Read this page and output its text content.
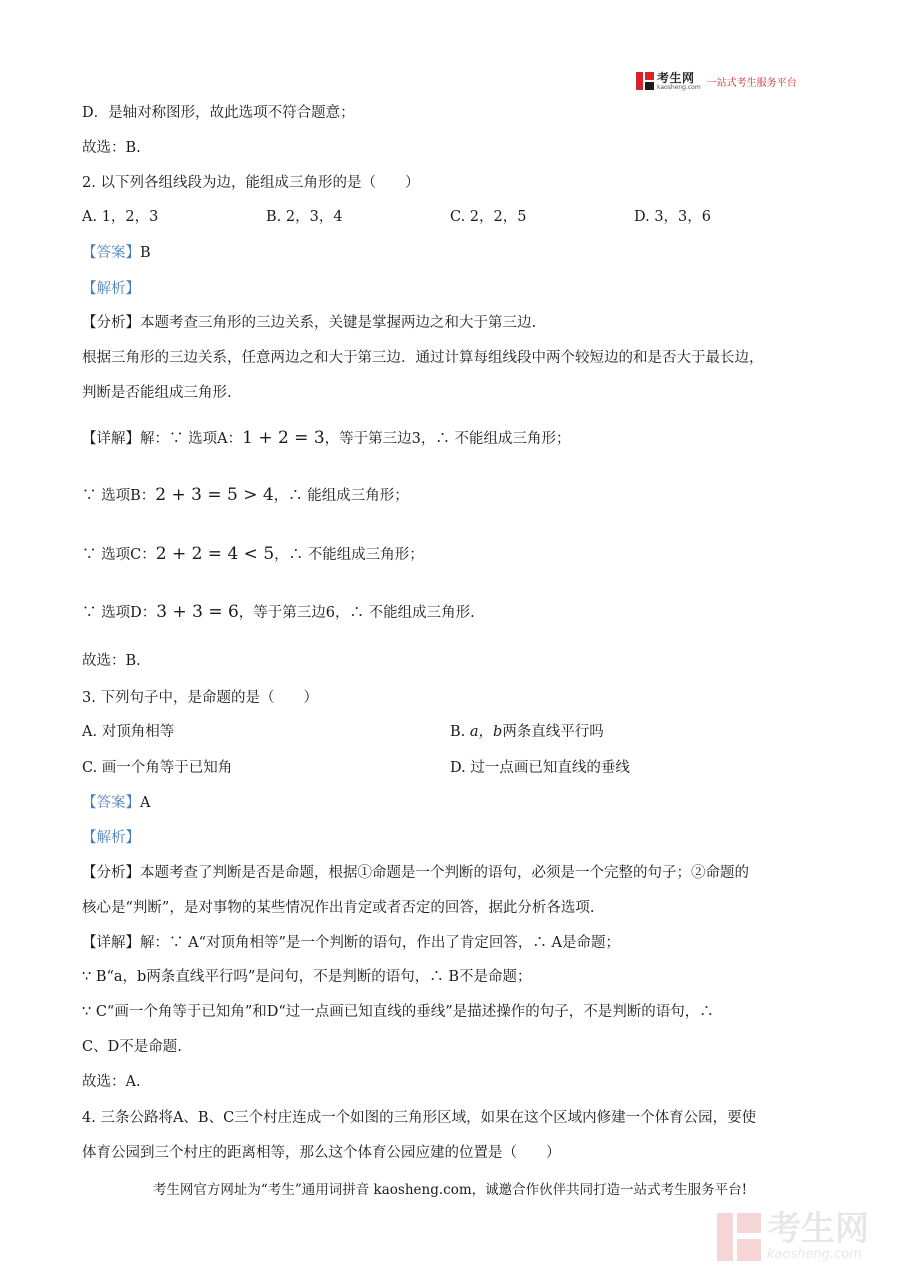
考生网
kaosheng.com 一站式考生服务平台
D．是轴对称图形，故此选项不符合题意；
故选：B.
2. 以下列各组线段为边，能组成三角形的是（　　）
A. 1，2，3	B. 2，3，4	C. 2，2，5	D. 3，3，6
【答案】B
【解析】
【分析】本题考查三角形的三边关系，关键是掌握两边之和大于第三边.
根据三角形的三边关系，任意两边之和大于第三边．通过计算每组线段中两个较短边的和是否大于最长边，
判断是否能组成三角形.
【详解】解：∵ 选项A：1 + 2 = 3，等于第三边3，∴ 不能组成三角形；
∵ 选项B：2 + 3 = 5 > 4，∴ 能组成三角形；
∵ 选项C：2 + 2 = 4 < 5，∴ 不能组成三角形；
∵ 选项D：3 + 3 = 6，等于第三边6，∴ 不能组成三角形.
故选：B.
3. 下列句子中，是命题的是（　　）
A. 对顶角相等	B. a，b两条直线平行吗
C. 画一个角等于已知角	D. 过一点画已知直线的垂线
【答案】A
【解析】
【分析】本题考查了判断是否是命题，根据①命题是一个判断的语句，必须是一个完整的句子；②命题的
核心是“判断”，是对事物的某些情况作出肯定或者否定的回答，据此分析各选项.
【详解】解：∵ A“对顶角相等”是一个判断的语句，作出了肯定回答，∴ A是命题；
∵ B“a，b两条直线平行吗”是问句，不是判断的语句，∴ B不是命题；
∵ C“画一个角等于已知角”和D“过一点画已知直线的垂线”是描述操作的句子，不是判断的语句，∴
C、D不是命题.
故选：A.
4. 三条公路将A、B、C三个村庄连成一个如图的三角形区域，如果在这个区域内修建一个体育公园，要使
体育公园到三个村庄的距离相等，那么这个体育公园应建的位置是（　　）
考生网官方网址为“考生”通用词拼音 kaosheng.com，诚邀合作伙伴共同打造一站式考生服务平台!
考生网
kaosheng.com
